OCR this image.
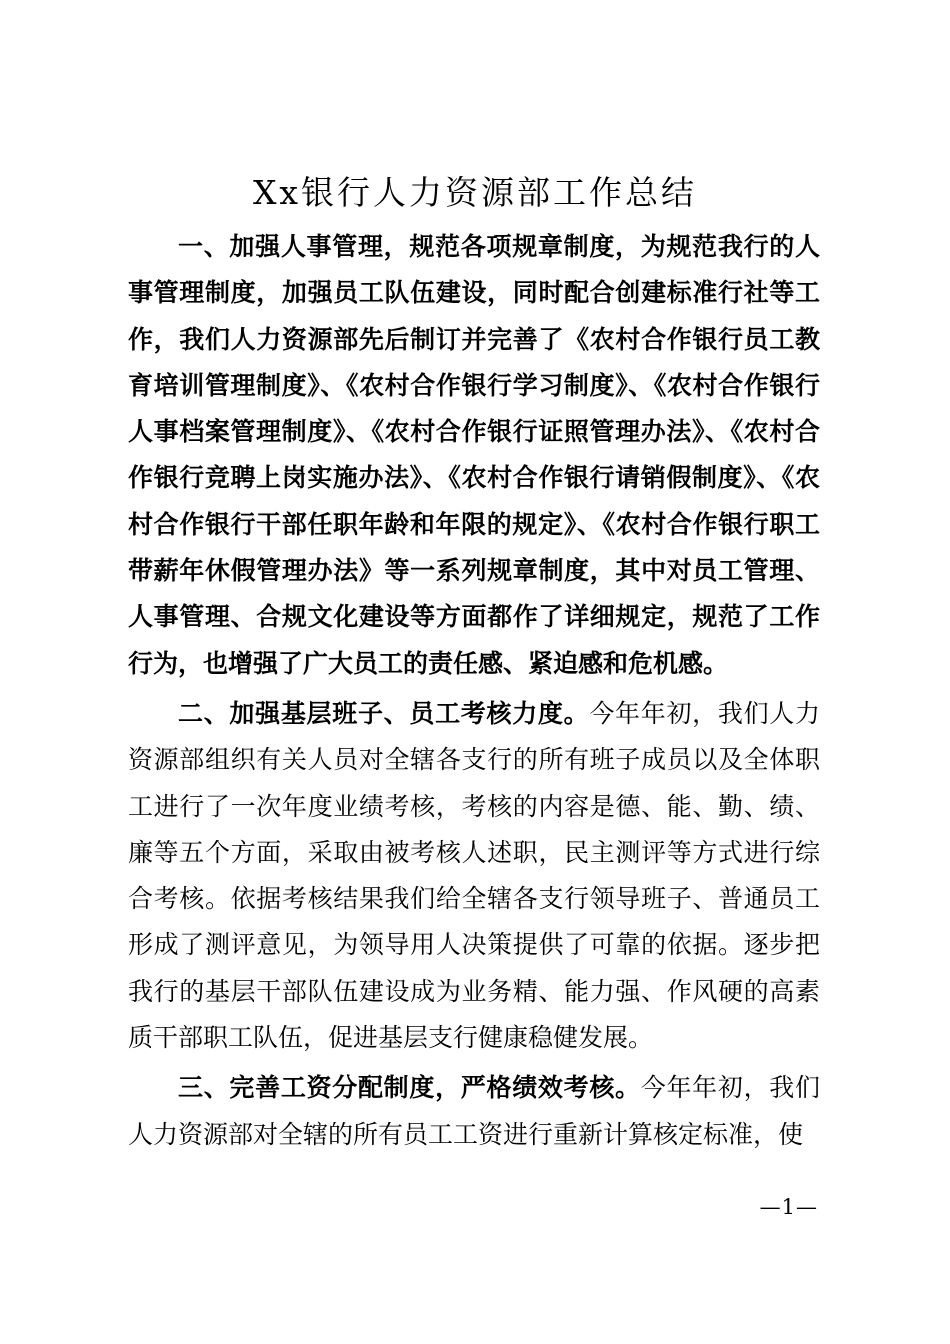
Xx银行人力资源部工作总结

一、加强人事管理，规范各项规章制度，为规范我行的人事管理制度，加强员工队伍建设，同时配合创建标准行社等工作，我们人力资源部先后制订并完善了《农村合作银行员工教育培训管理制度》、《农村合作银行学习制度》、《农村合作银行人事档案管理制度》、《农村合作银行证照管理办法》、《农村合作银行竞聘上岗实施办法》、《农村合作银行请销假制度》、《农村合作银行干部任职年龄和年限的规定》、《农村合作银行职工带薪年休假管理办法》等一系列规章制度，其中对员工管理、人事管理、合规文化建设等方面都作了详细规定，规范了工作行为，也增强了广大员工的责任感、紧迫感和危机感。

二、加强基层班子、员工考核力度。今年年初，我们人力资源部组织有关人员对全辖各支行的所有班子成员以及全体职工进行了一次年度业绩考核，考核的内容是德、能、勤、绩、廉等五个方面，采取由被考核人述职，民主测评等方式进行综合考核。依据考核结果我们给全辖各支行领导班子、普通员工形成了测评意见，为领导用人决策提供了可靠的依据。逐步把我行的基层干部队伍建设成为业务精、能力强、作风硬的高素质干部职工队伍，促进基层支行健康稳健发展。

三、完善工资分配制度，严格绩效考核。今年年初，我们人力资源部对全辖的所有员工工资进行重新计算核定标准，使

—1—
